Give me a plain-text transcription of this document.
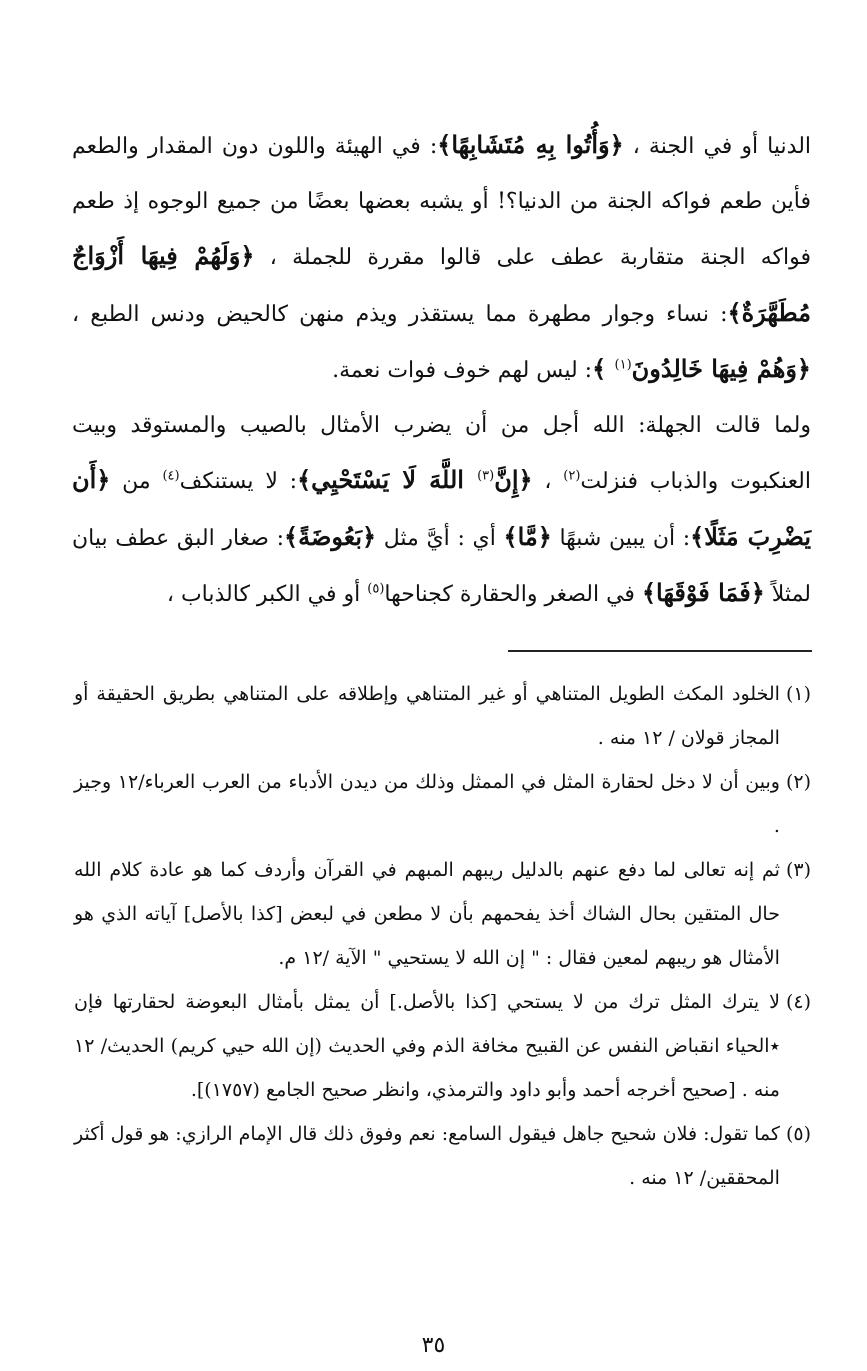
الدنيا أو في الجنة ، ﴿وَأُتُوا بِهِ مُتَشَابِهًا﴾: في الهيئة واللون دون المقدار والطعم فأين طعم فواكه الجنة من الدنيا؟! أو يشبه بعضها بعضًا من جميع الوجوه إذ طعم فواكه الجنة متقاربة عطف على قالوا مقررة للجملة ، ﴿وَلَهُمْ فِيهَا أَزْوَاجٌ مُطَهَّرَةٌ﴾: نساء وجوار مطهرة مما يستقذر ويذم منهن كالحيض ودنس الطبع ، ﴿وَهُمْ فِيهَا خَالِدُونَ$^{(١)}$ ﴾: ليس لهم خوف فوات نعمة.

ولما قالت الجهلة: الله أجل من أن يضرب الأمثال بالصيب والمستوقد وبيت العنكبوت والذباب فنزلت$^{(٢)}$ ، ﴿إِنَّ$^{(٣)}$ اللَّهَ لَا يَسْتَحْيِي﴾: لا يستنكف$^{(٤)}$ من ﴿أَن يَضْرِبَ مَثَلًا﴾: أن يبين شبهًا ﴿مَّا﴾ أي : أيَّ مثل ﴿بَعُوضَةً﴾: صغار البق عطف بيان لمثلاً ﴿فَمَا فَوْقَهَا﴾ في الصغر والحقارة كجناحها$^{(٥)}$ أو في الكبر كالذباب ،

(١)
الخلود المكث الطويل المتناهي أو غير المتناهي وإطلاقه على المتناهي بطريق الحقيقة أو المجاز قولان / ١٢ منه .
(٢)
وبين أن لا دخل لحقارة المثل في الممثل وذلك من ديدن الأدباء من العرب العرباء/١٢ وجيز .
(٣)
ثم إنه تعالى لما دفع عنهم بالدليل ريبهم المبهم في القرآن وأردف كما هو عادة كلام الله حال المتقين بحال الشاك أخذ يفحمهم بأن لا مطعن في لبعض [كذا بالأصل] آياته الذي هو الأمثال هو ريبهم لمعين فقال : " إن الله لا يستحيي " الآية /١٢ م.
(٤)
لا يترك المثل ترك من لا يستحي [كذا بالأصل.] أن يمثل بأمثال البعوضة لحقارتها فإن ٭الحياء انقباض النفس عن القبيح مخافة الذم وفي الحديث (إن الله حيي كريم) الحديث/ ١٢ منه . [صحيح أخرجه أحمد وأبو داود والترمذي، وانظر صحيح الجامع (١٧٥٧)].
(٥)
كما تقول: فلان شحيح جاهل فيقول السامع: نعم وفوق ذلك قال الإمام الرازي: هو قول أكثر المحققين/ ١٢ منه .
٣٥
